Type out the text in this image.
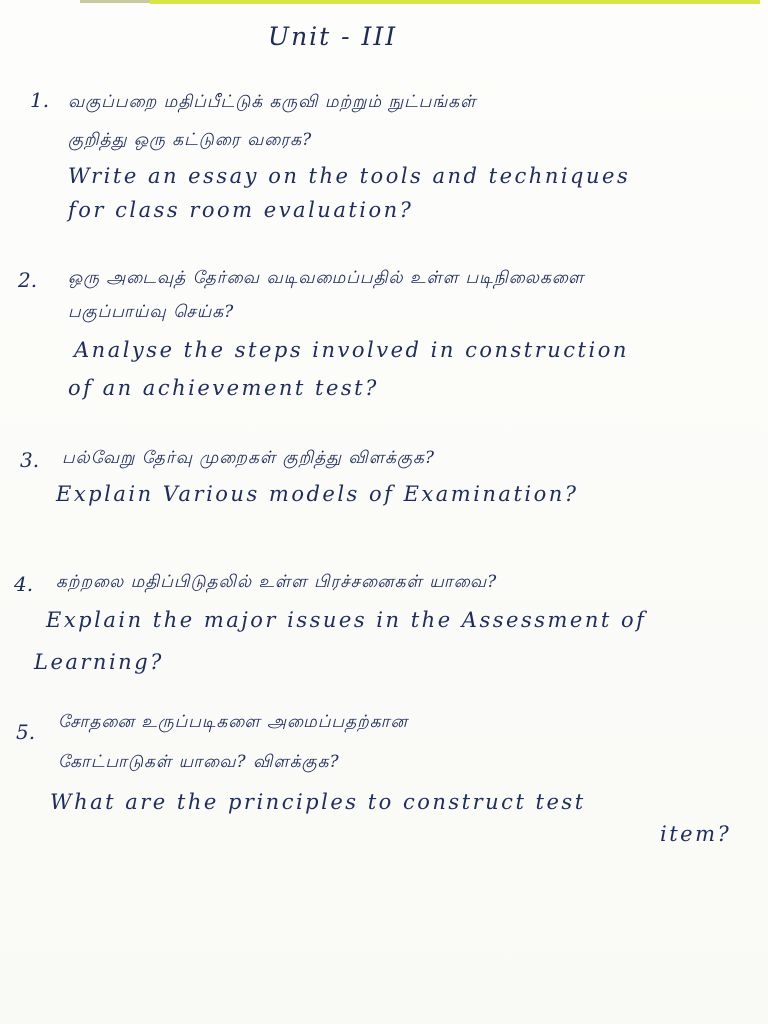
Unit - III
1. வகுப்பறை மதிப்பீட்டுக் கருவி மற்றும் நுட்பங்கள்
குறித்து ஒரு கட்டுரை வரைக?
Write an essay on the tools and techniques
for class room evaluation?
2. ஒரு அடைவுத் தேர்வை வடிவமைப்பதில் உள்ள படிநிலைகளை
பகுப்பாய்வு செய்க?
Analyse the steps involved in construction
of an achievement test?
3. பல்வேறு தேர்வு முறைகள் குறித்து விளக்குக?
Explain Various models of Examination?
4. கற்றலை மதிப்பிடுதலில் உள்ள பிரச்சனைகள் யாவை?
Explain the major issues in the Assessment of
Learning?
5. சோதனை உருப்படிகளை அமைப்பதற்கான
கோட்பாடுகள் யாவை? விளக்குக?
What are the principles to construct test
item?
